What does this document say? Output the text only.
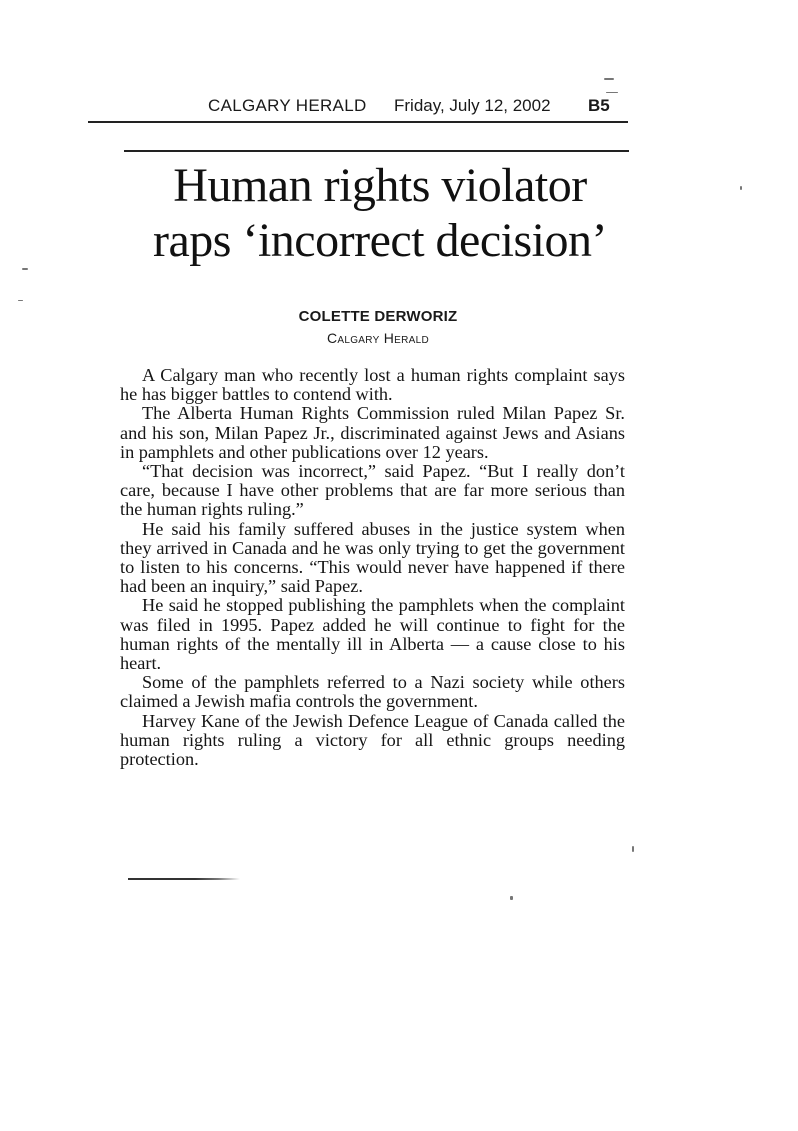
CALGARY HERALD Friday, July 12, 2002 B5
Human rights violator
raps ‘incorrect decision’
COLETTE DERWORIZ
Calgary Herald

A Calgary man who recently lost a human rights complaint says he has bigger battles to contend with.

The Alberta Human Rights Commission ruled Milan Papez Sr. and his son, Milan Papez Jr., discriminated against Jews and Asians in pamphlets and other publications over 12 years.

“That decision was incorrect,” said Papez. “But I really don’t care, because I have other problems that are far more serious than the human rights ruling.”

He said his family suffered abuses in the justice system when they arrived in Canada and he was only trying to get the government to listen to his concerns. “This would never have happened if there had been an inquiry,” said Papez.

He said he stopped publishing the pamphlets when the complaint was filed in 1995. Papez added he will continue to fight for the human rights of the mentally ill in Alberta — a cause close to his heart.

Some of the pamphlets referred to a Nazi society while others claimed a Jewish mafia controls the government.

Harvey Kane of the Jewish Defence League of Canada called the human rights ruling a victory for all ethnic groups needing protection.
